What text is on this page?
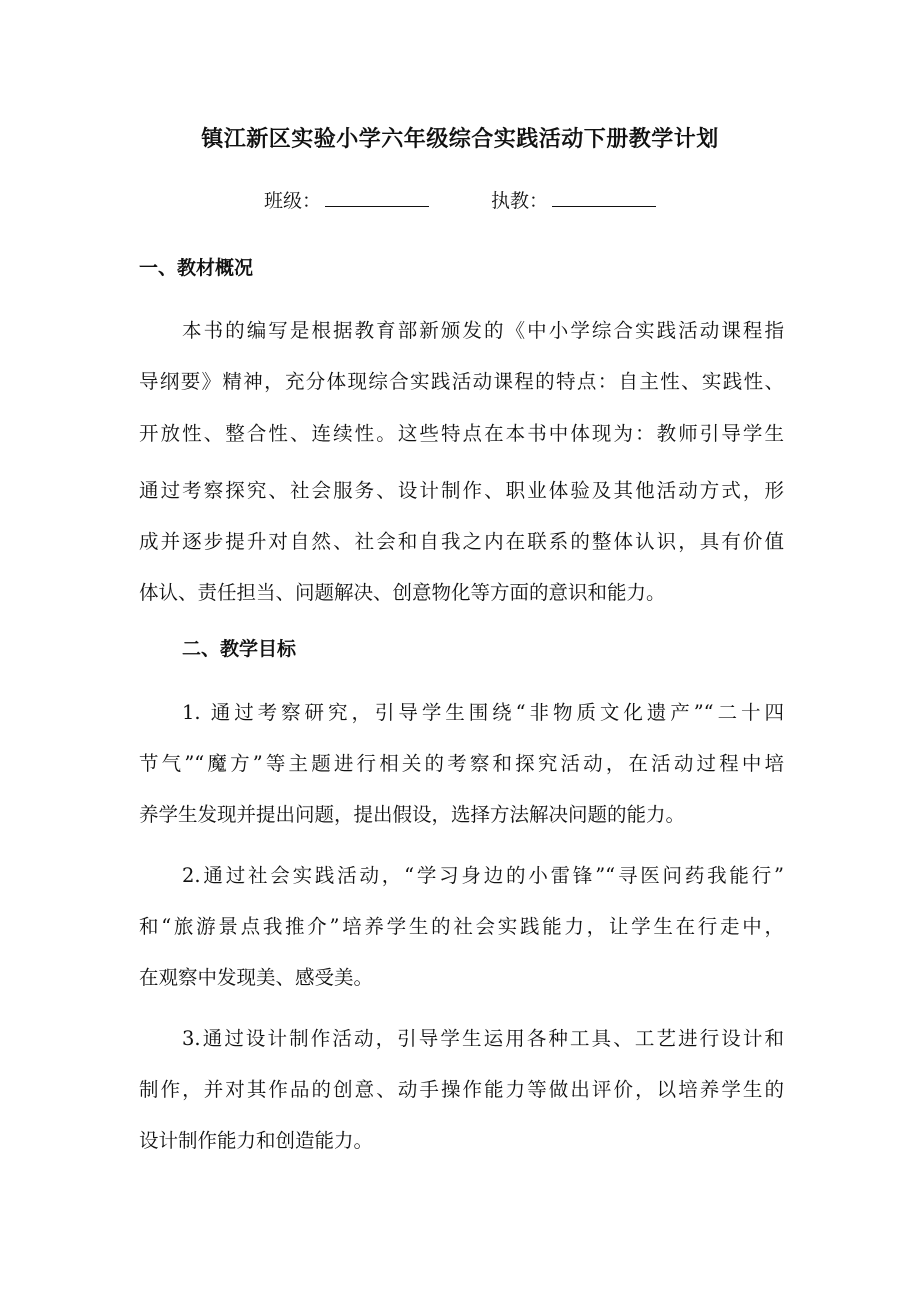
镇江新区实验小学六年级综合实践活动下册教学计划
班级：	执教：
一、教材概况
本书的编写是根据教育部新颁发的《中小学综合实践活动课程指
导纲要》精神，充分体现综合实践活动课程的特点：自主性、实践性、
开放性、整合性、连续性。这些特点在本书中体现为：教师引导学生
通过考察探究、社会服务、设计制作、职业体验及其他活动方式，形
成并逐步提升对自然、社会和自我之内在联系的整体认识，具有价值
体认、责任担当、问题解决、创意物化等方面的意识和能力。
二、教学目标
1. 通过考察研究，引导学生围绕“非物质文化遗产”“二十四
节气”“魔方”等主题进行相关的考察和探究活动，在活动过程中培
养学生发现并提出问题，提出假设，选择方法解决问题的能力。
2.通过社会实践活动，“学习身边的小雷锋”“寻医问药我能行”
和“旅游景点我推介”培养学生的社会实践能力，让学生在行走中，
在观察中发现美、感受美。
3.通过设计制作活动，引导学生运用各种工具、工艺进行设计和
制作，并对其作品的创意、动手操作能力等做出评价，以培养学生的
设计制作能力和创造能力。
